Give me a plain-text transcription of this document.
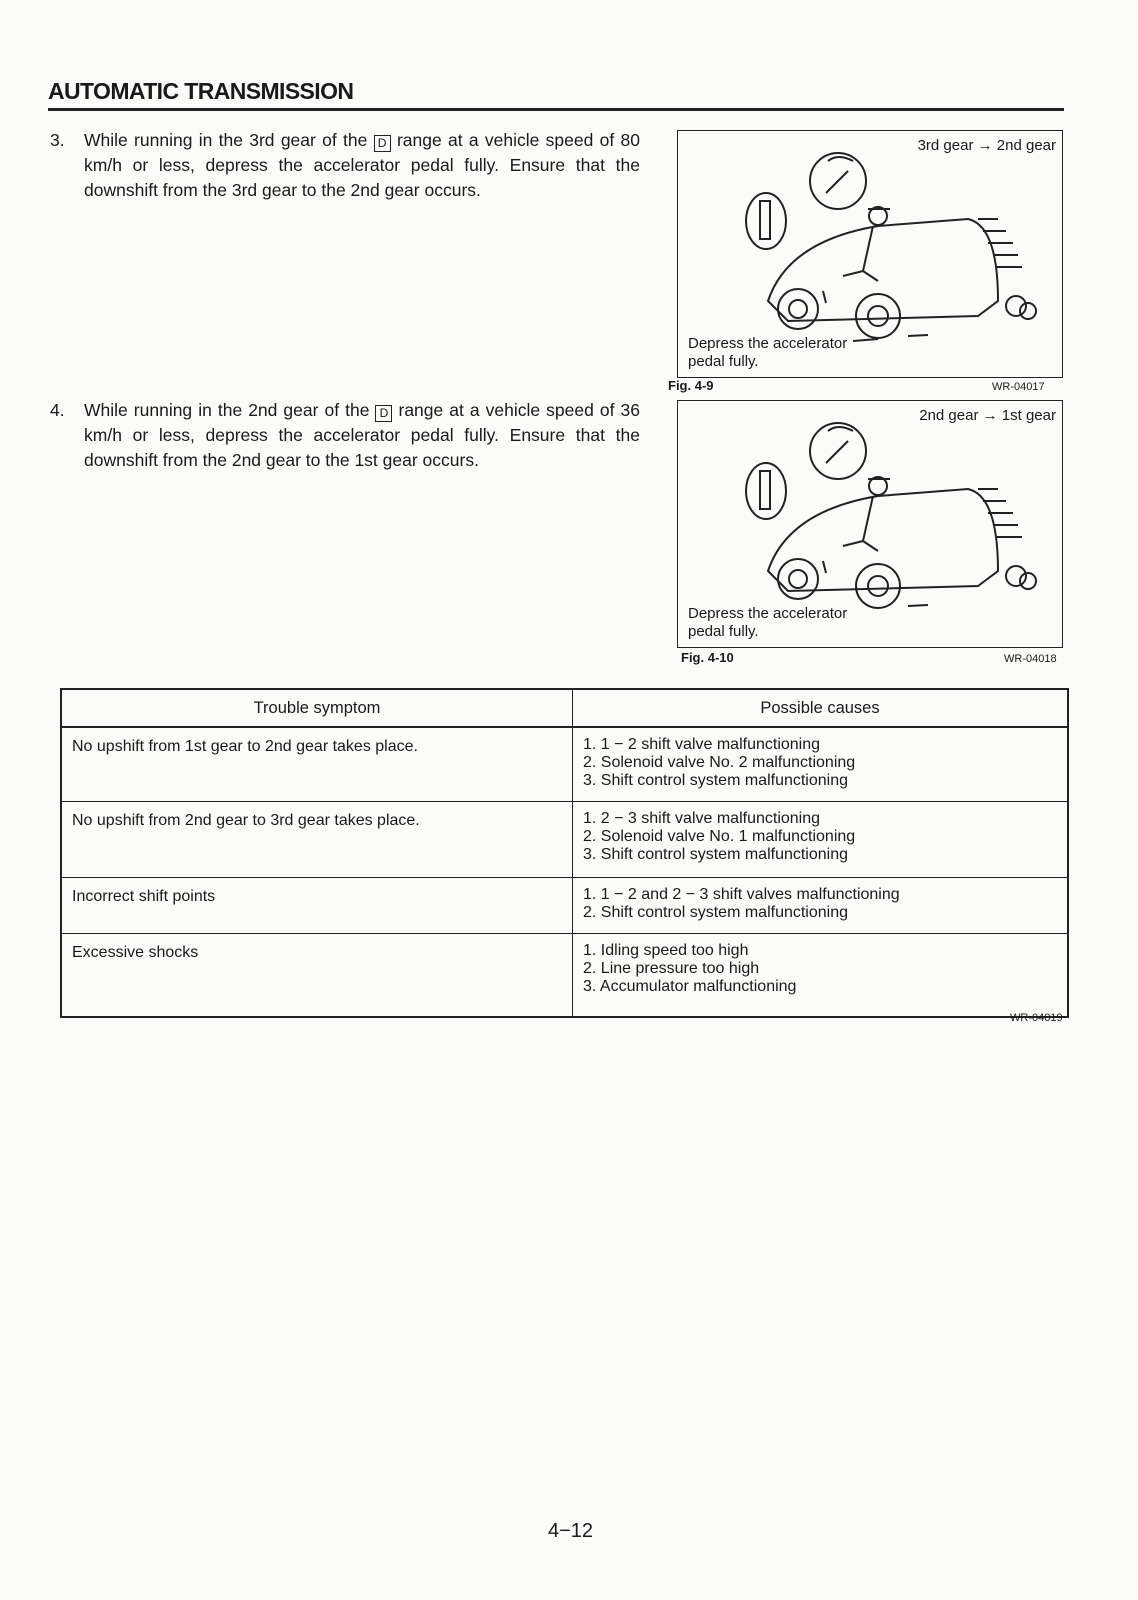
AUTOMATIC TRANSMISSION
3. While running in the 3rd gear of the D range at a vehicle speed of 80 km/h or less, depress the accelerator pedal fully. Ensure that the downshift from the 3rd gear to the 2nd gear occurs.
4. While running in the 2nd gear of the D range at a vehicle speed of 36 km/h or less, depress the accelerator pedal fully. Ensure that the downshift from the 2nd gear to the 1st gear occurs.
3rd gear → 2nd gear
Depress the accelerator
pedal fully.
Fig. 4-9	WR-04017
2nd gear → 1st gear
Depress the accelerator
pedal fully.
Fig. 4-10	WR-04018
Trouble symptom	Possible causes
No upshift from 1st gear to 2nd gear takes place.	1. 1 − 2 shift valve malfunctioning
2. Solenoid valve No. 2 malfunctioning
3. Shift control system malfunctioning

No upshift from 2nd gear to 3rd gear takes place.	1. 2 − 3 shift valve malfunctioning
2. Solenoid valve No. 1 malfunctioning
3. Shift control system malfunctioning

Incorrect shift points	1. 1 − 2 and 2 − 3 shift valves malfunctioning
2. Shift control system malfunctioning

Excessive shocks	1. Idling speed too high
2. Line pressure too high
3. Accumulator malfunctioning
WR-04019
4−12
